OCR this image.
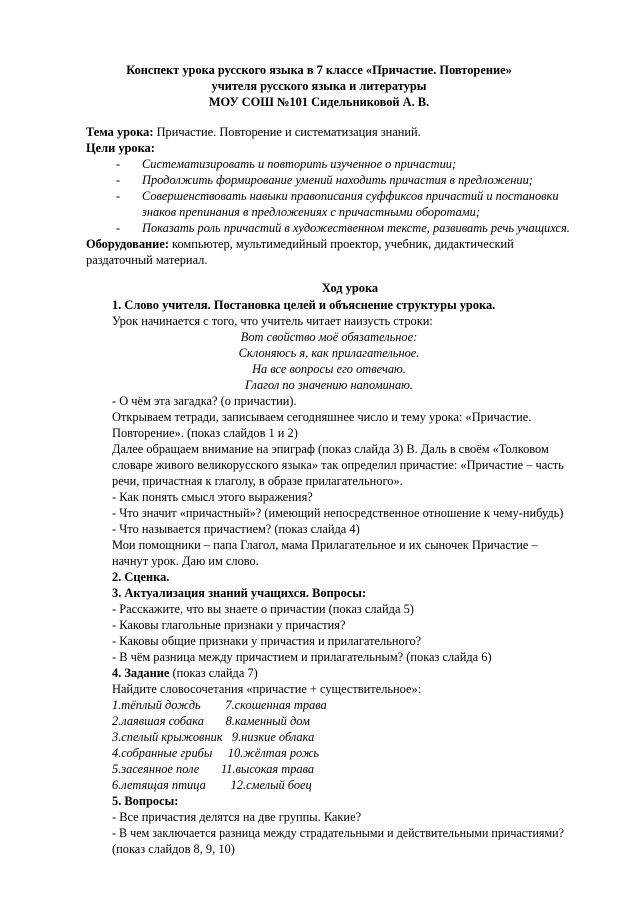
Конспект урока русского языка в 7 классе «Причастие. Повторение»
учителя русского языка и литературы
МОУ СОШ №101 Сидельниковой А. В.
Тема урока: Причастие. Повторение и систематизация знаний.
Цели урока:
- Систематизировать и повторить изученное о причастии;
- Продолжить формирование умений находить причастия в предложении;
- Совершенствовать навыки правописания суффиксов причастий и постановки
знаков препинания в предложениях с причастными оборотами;
- Показать роль причастий в художественном тексте, развивать речь учащихся.
Оборудование: компьютер, мультимедийный проектор, учебник, дидактический
раздаточный материал.
Ход урока
1. Слово учителя. Постановка целей и объяснение структуры урока.
Урок начинается с того, что учитель читает наизусть строки:
Вот свойство моё обязательное:
Склоняюсь я, как прилагательное.
На все вопросы его отвечаю.
Глагол по значению напоминаю.
- О чём эта загадка? (о причастии).
Открываем тетради, записываем сегодняшнее число и тему урока: «Причастие.
Повторение». (показ слайдов 1 и 2)
Далее обращаем внимание на эпиграф (показ слайда 3) В. Даль в своём «Толковом
словаре живого великорусского языка» так определил причастие: «Причастие – часть
речи, причастная к глаголу, в образе прилагательного».
- Как понять смысл этого выражения?
- Что значит «причастный»? (имеющий непосредственное отношение к чему-нибудь)
- Что называется причастием? (показ слайда 4)
Мои помощники – папа Глагол, мама Прилагательное и их сыночек Причастие –
начнут урок. Даю им слово.
2. Сценка.
3. Актуализация знаний учащихся. Вопросы:
- Расскажите, что вы знаете о причастии (показ слайда 5)
- Каковы глагольные признаки у причастия?
- Каковы общие признаки у причастия и прилагательного?
- В чём разница между причастием и прилагательным? (показ слайда 6)
4. Задание (показ слайда 7)
Найдите словосочетания «причастие + существительное»:
1.тёплый дождь        7.скошенная трава
2.лаявшая собака       8.каменный дом
3.спелый крыжовник   9.низкие облака
4.собранные грибы     10.жёлтая рожь
5.засеянное поле       11.высокая трава
6.летящая птица        12.смелый боец
5. Вопросы:
- Все причастия делятся на две группы. Какие?
- В чем заключается разница между страдательными и действительными причастиями?
(показ слайдов 8, 9, 10)
